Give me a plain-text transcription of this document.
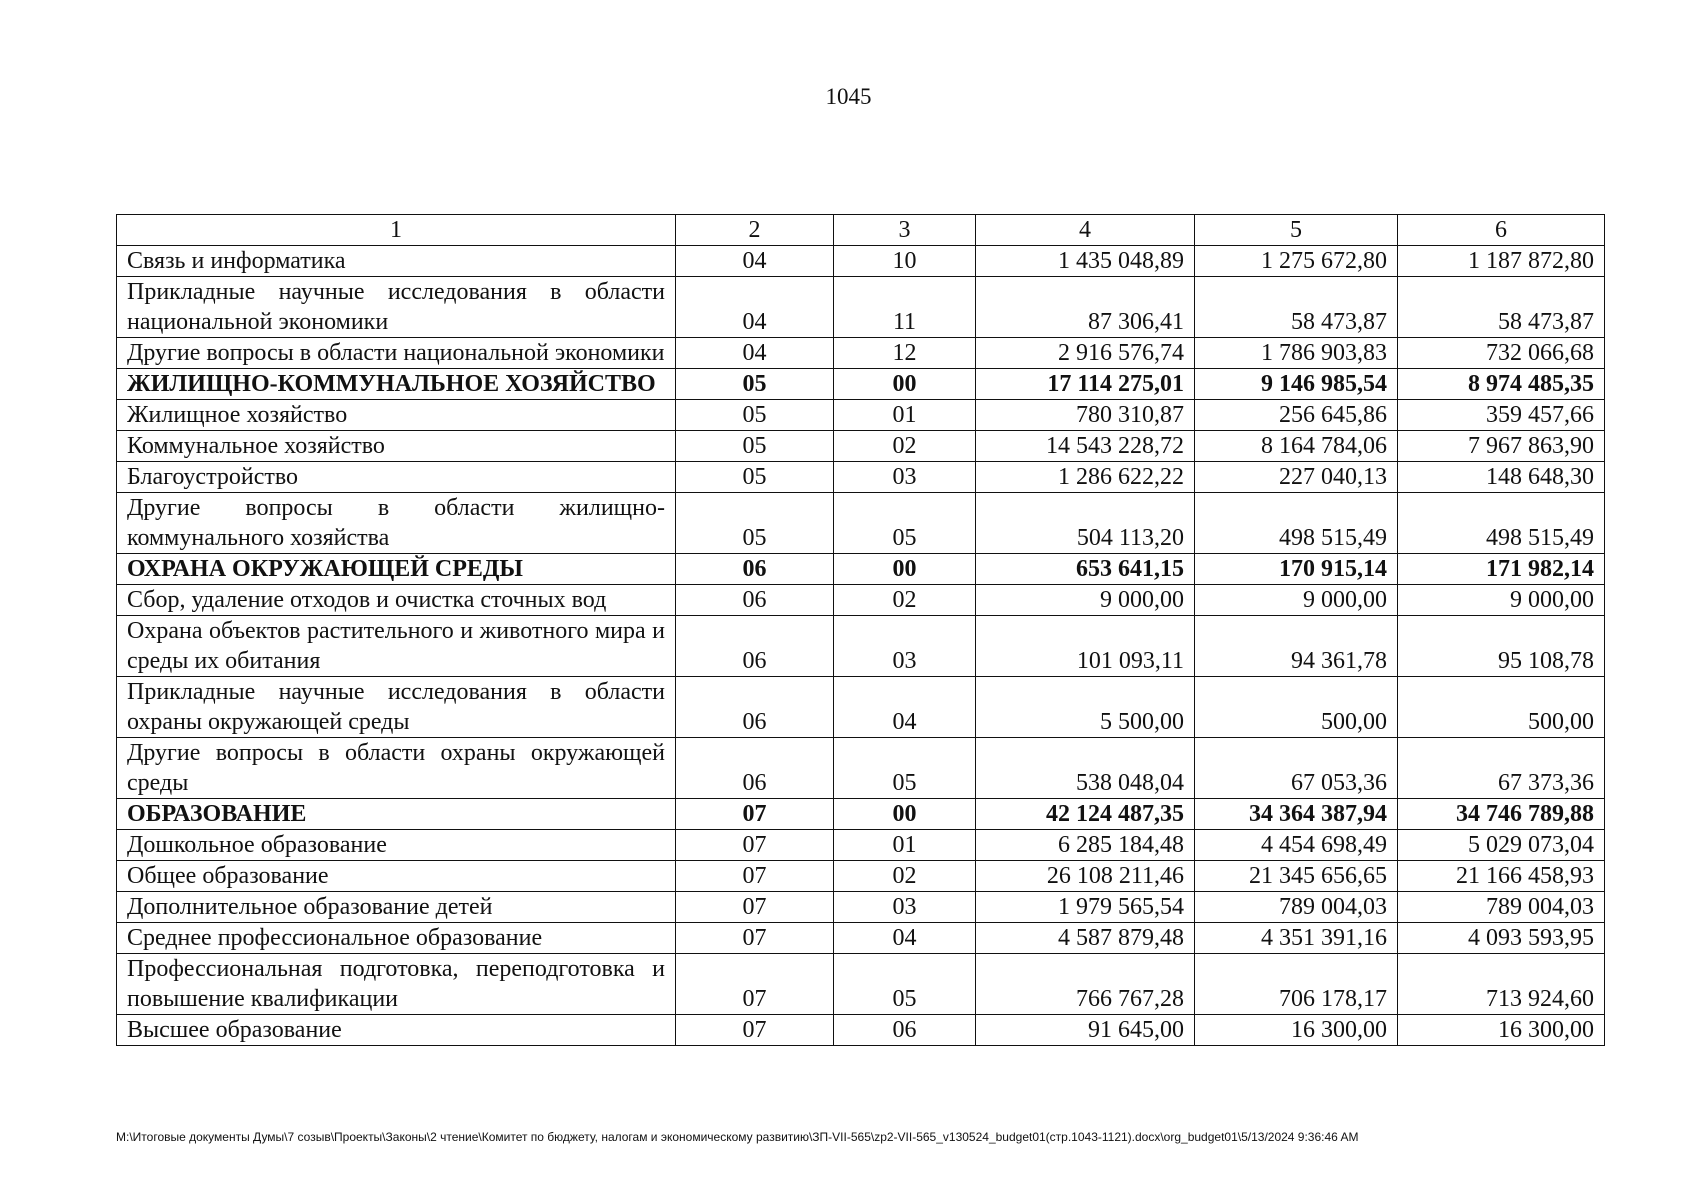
1045
1	2	3	4	5	6
Связь и информатика	04	10	1 435 048,89	1 275 672,80	1 187 872,80
Прикладные научные исследования в области национальной экономики	04	11	87 306,41	58 473,87	58 473,87
Другие вопросы в области национальной экономики	04	12	2 916 576,74	1 786 903,83	732 066,68
ЖИЛИЩНО-КОММУНАЛЬНОЕ ХОЗЯЙСТВО	05	00	17 114 275,01	9 146 985,54	8 974 485,35
Жилищное хозяйство	05	01	780 310,87	256 645,86	359 457,66
Коммунальное хозяйство	05	02	14 543 228,72	8 164 784,06	7 967 863,90
Благоустройство	05	03	1 286 622,22	227 040,13	148 648,30
Другие вопросы в области жилищно-коммунального хозяйства	05	05	504 113,20	498 515,49	498 515,49
ОХРАНА ОКРУЖАЮЩЕЙ СРЕДЫ	06	00	653 641,15	170 915,14	171 982,14
Сбор, удаление отходов и очистка сточных вод	06	02	9 000,00	9 000,00	9 000,00
Охрана объектов растительного и животного мира и среды их обитания	06	03	101 093,11	94 361,78	95 108,78
Прикладные научные исследования в области охраны окружающей среды	06	04	5 500,00	500,00	500,00
Другие вопросы в области охраны окружающей среды	06	05	538 048,04	67 053,36	67 373,36
ОБРАЗОВАНИЕ	07	00	42 124 487,35	34 364 387,94	34 746 789,88
Дошкольное образование	07	01	6 285 184,48	4 454 698,49	5 029 073,04
Общее образование	07	02	26 108 211,46	21 345 656,65	21 166 458,93
Дополнительное образование детей	07	03	1 979 565,54	789 004,03	789 004,03
Среднее профессиональное образование	07	04	4 587 879,48	4 351 391,16	4 093 593,95
Профессиональная подготовка, переподготовка и повышение квалификации	07	05	766 767,28	706 178,17	713 924,60
Высшее образование	07	06	91 645,00	16 300,00	16 300,00
M:\Итоговые документы Думы\7 созыв\Проекты\Законы\2 чтение\Комитет по бюджету, налогам и экономическому развитию\ЗП-VII-565\zp2-VII-565_v130524_budget01(стр.1043-1121).docx\org_budget01\5/13/2024 9:36:46 AM
